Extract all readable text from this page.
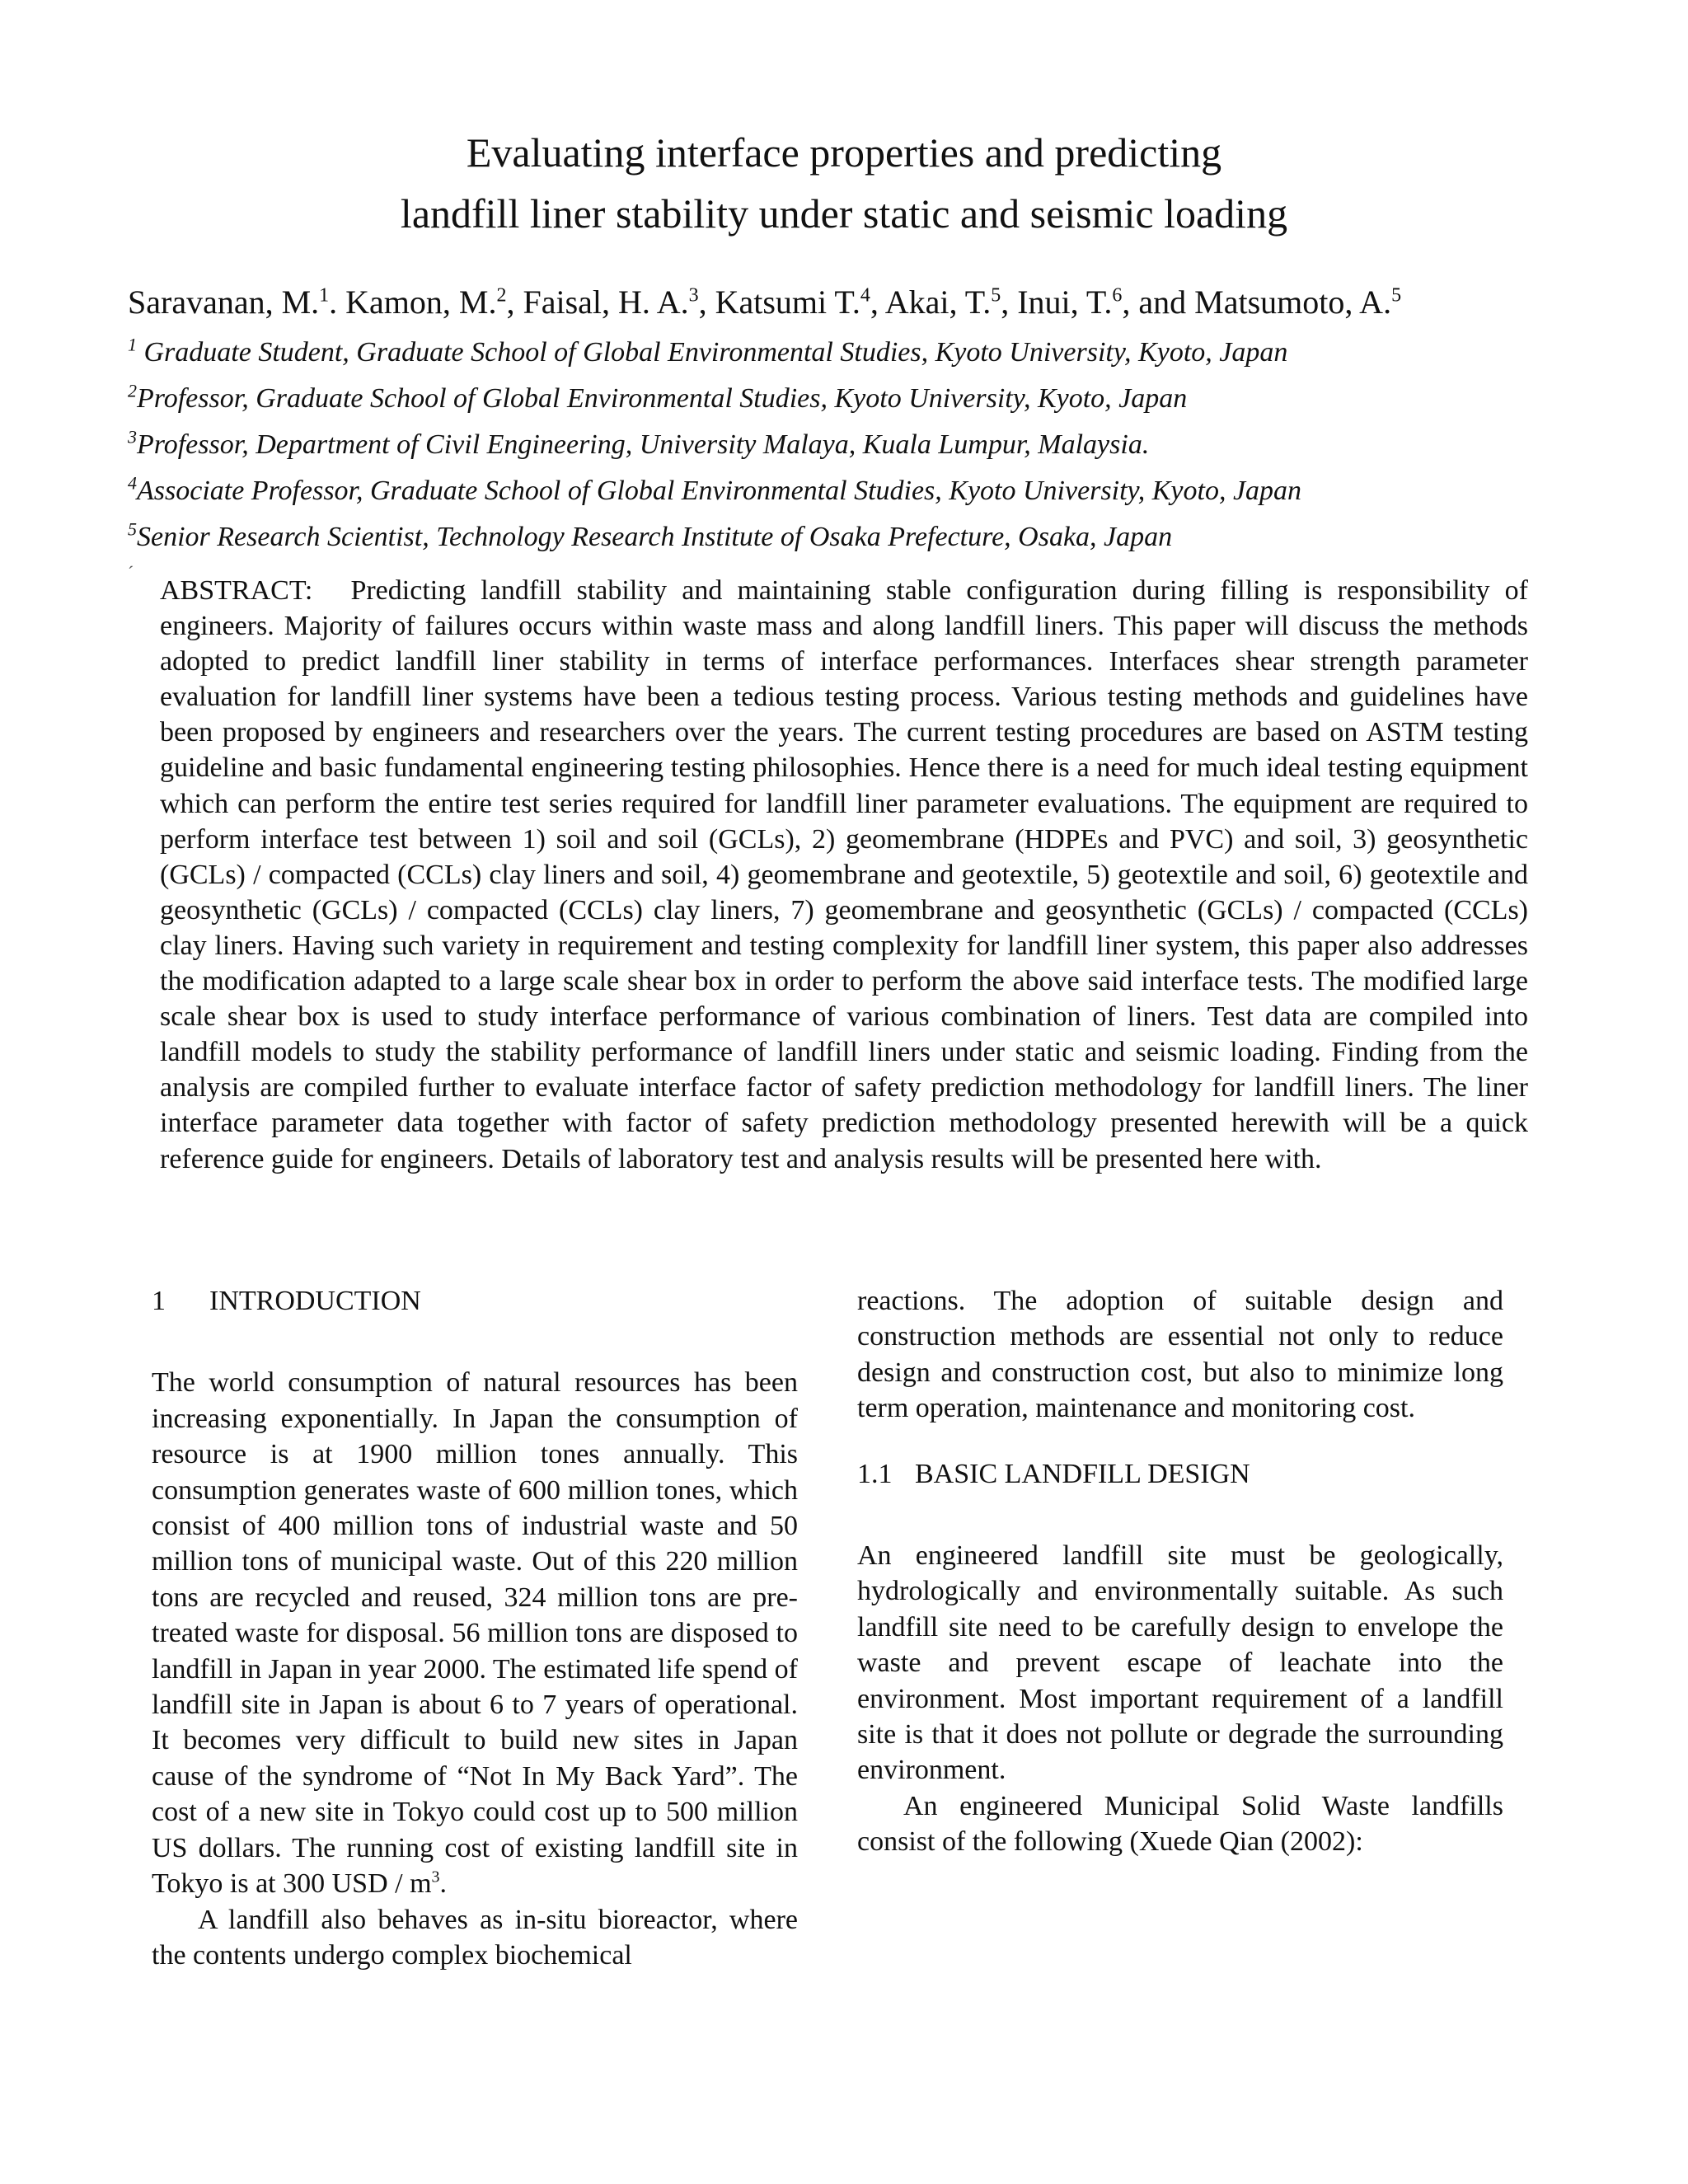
Evaluating interface properties and predicting
landfill liner stability under static and seismic loading
Saravanan, M.$^1$. Kamon, M.$^2$, Faisal, H. A.$^3$, Katsumi T.$^4$, Akai, T.$^5$, Inui, T.$^6$, and Matsumoto, A.$^5$
$^1$ Graduate Student, Graduate School of Global Environmental Studies, Kyoto University, Kyoto, Japan
$^2$Professor, Graduate School of Global Environmental Studies, Kyoto University, Kyoto, Japan
$^3$Professor, Department of Civil Engineering, University Malaya, Kuala Lumpur, Malaysia.
$^4$Associate Professor, Graduate School of Global Environmental Studies, Kyoto University, Kyoto, Japan
$^5$Senior Research Scientist, Technology Research Institute of Osaka Prefecture, Osaka, Japan
´
ABSTRACT: Predicting landfill stability and maintaining stable configuration during filling is responsibility of engineers. Majority of failures occurs within waste mass and along landfill liners. This paper will discuss the methods adopted to predict landfill liner stability in terms of interface performances. Interfaces shear strength parameter evaluation for landfill liner systems have been a tedious testing process. Various testing methods and guidelines have been proposed by engineers and researchers over the years. The current testing procedures are based on ASTM testing guideline and basic fundamental engineering testing philosophies. Hence there is a need for much ideal testing equipment which can perform the entire test series required for landfill liner parameter evaluations. The equipment are required to perform interface test between 1) soil and soil (GCLs), 2) geomembrane (HDPEs and PVC) and soil, 3) geosynthetic (GCLs) / compacted (CCLs) clay liners and soil, 4) geomembrane and geotextile, 5) geotextile and soil, 6) geotextile and geosynthetic (GCLs) / compacted (CCLs) clay liners, 7) geomembrane and geosynthetic (GCLs) / compacted (CCLs) clay liners. Having such variety in requirement and testing complexity for landfill liner system, this paper also addresses the modification adapted to a large scale shear box in order to perform the above said interface tests. The modified large scale shear box is used to study interface performance of various combination of liners. Test data are compiled into landfill models to study the stability performance of landfill liners under static and seismic loading. Finding from the analysis are compiled further to evaluate interface factor of safety prediction methodology for landfill liners. The liner interface parameter data together with factor of safety prediction methodology presented herewith will be a quick reference guide for engineers. Details of laboratory test and analysis results will be presented here with.
1 INTRODUCTION

The world consumption of natural resources has been increasing exponentially. In Japan the consumption of resource is at 1900 million tones annually. This consumption generates waste of 600 million tones, which consist of 400 million tons of industrial waste and 50 million tons of municipal waste. Out of this 220 million tons are recycled and reused, 324 million tons are pre-treated waste for disposal. 56 million tons are disposed to landfill in Japan in year 2000. The estimated life spend of landfill site in Japan is about 6 to 7 years of operational. It becomes very difficult to build new sites in Japan cause of the syndrome of “Not In My Back Yard”. The cost of a new site in Tokyo could cost up to 500 million US dollars. The running cost of existing landfill site in Tokyo is at 300 USD / $m^3$.

A landfill also behaves as in-situ bioreactor, where the contents undergo complex biochemical

reactions. The adoption of suitable design and construction methods are essential not only to reduce design and construction cost, but also to minimize long term operation, maintenance and monitoring cost.

1.1 BASIC LANDFILL DESIGN

An engineered landfill site must be geologically, hydrologically and environmentally suitable. As such landfill site need to be carefully design to envelope the waste and prevent escape of leachate into the environment. Most important requirement of a landfill site is that it does not pollute or degrade the surrounding environment.

An engineered Municipal Solid Waste landfills consist of the following (Xuede Qian (2002):
